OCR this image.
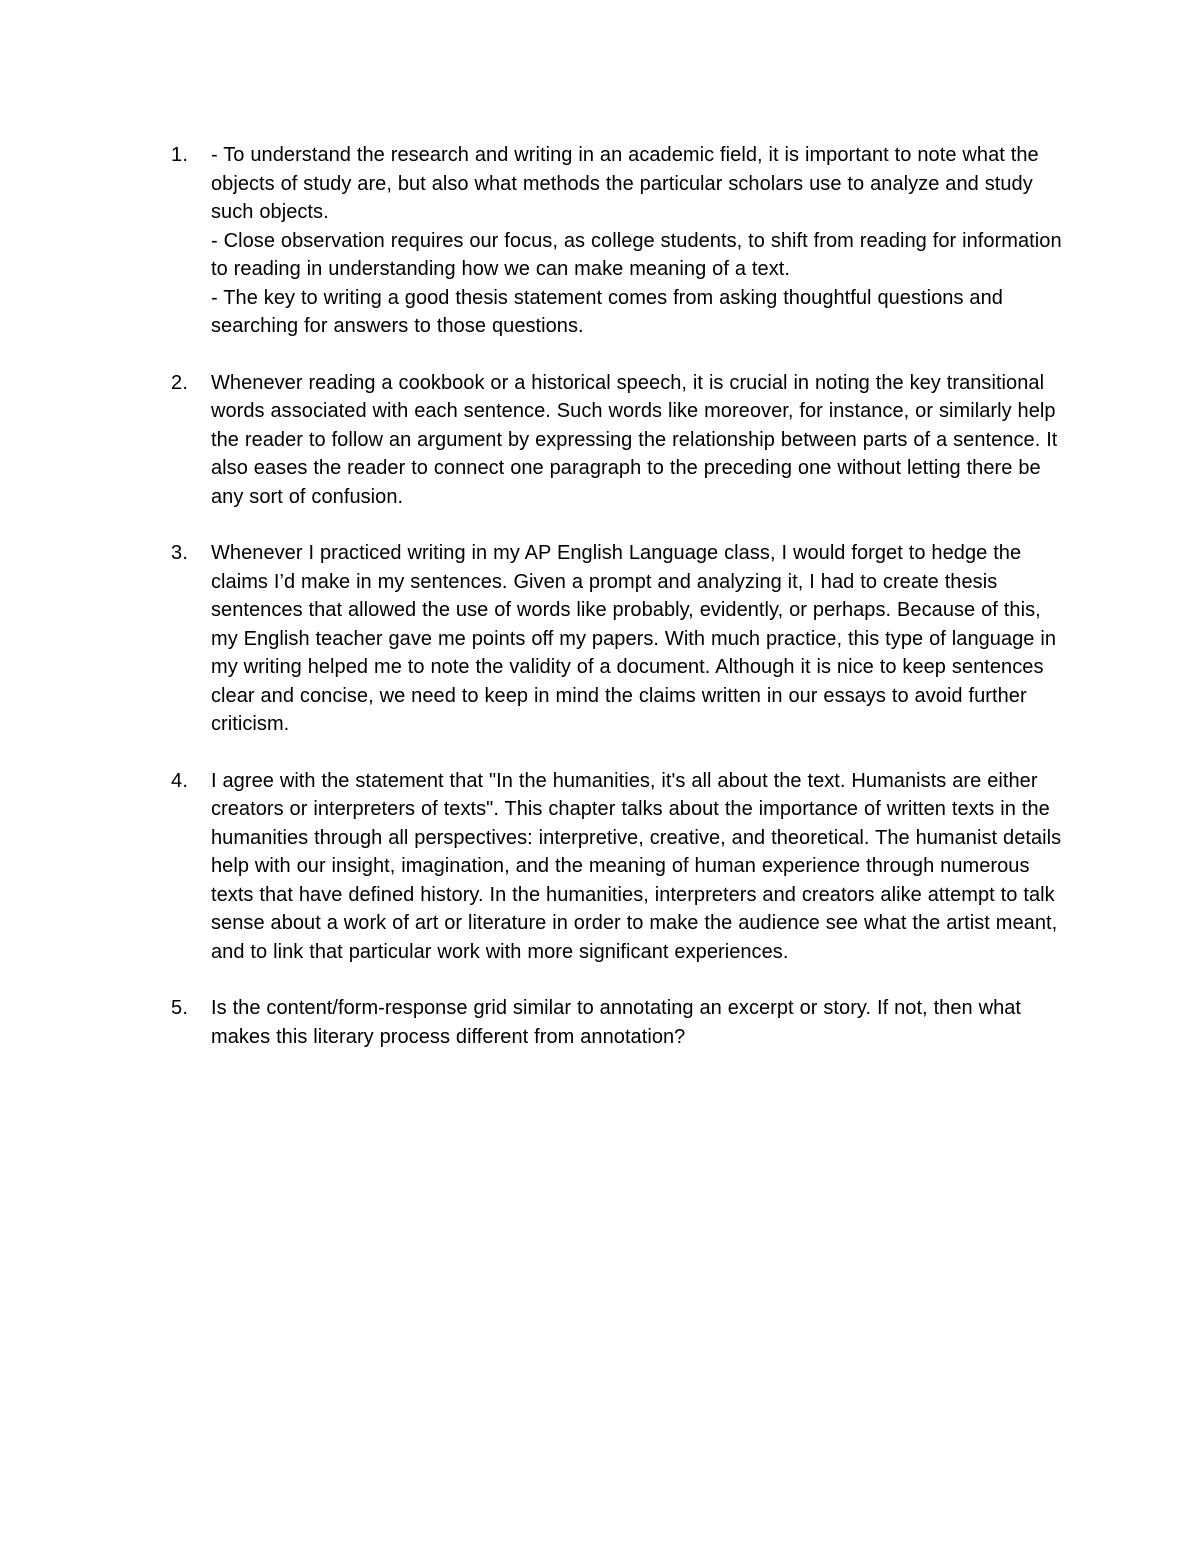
1.	- To understand the research and writing in an academic field, it is important to note what the objects of study are, but also what methods the particular scholars use to analyze and study such objects.

- Close observation requires our focus, as college students, to shift from reading for information to reading in understanding how we can make meaning of a text.

- The key to writing a good thesis statement comes from asking thoughtful questions and searching for answers to those questions.

2.	Whenever reading a cookbook or a historical speech, it is crucial in noting the key transitional words associated with each sentence. Such words like moreover, for instance, or similarly help the reader to follow an argument by expressing the relationship between parts of a sentence. It also eases the reader to connect one paragraph to the preceding one without letting there be any sort of confusion.

3.	Whenever I practiced writing in my AP English Language class, I would forget to hedge the claims I’d make in my sentences. Given a prompt and analyzing it, I had to create thesis sentences that allowed the use of words like probably, evidently, or perhaps. Because of this, my English teacher gave me points off my papers. With much practice, this type of language in my writing helped me to note the validity of a document. Although it is nice to keep sentences clear and concise, we need to keep in mind the claims written in our essays to avoid further criticism.

4.	I agree with the statement that "In the humanities, it's all about the text. Humanists are either creators or interpreters of texts". This chapter talks about the importance of written texts in the humanities through all perspectives: interpretive, creative, and theoretical. The humanist details help with our insight, imagination, and the meaning of human experience through numerous texts that have defined history. In the humanities, interpreters and creators alike attempt to talk sense about a work of art or literature in order to make the audience see what the artist meant, and to link that particular work with more significant experiences.

5.	Is the content/form-response grid similar to annotating an excerpt or story. If not, then what makes this literary process different from annotation?
